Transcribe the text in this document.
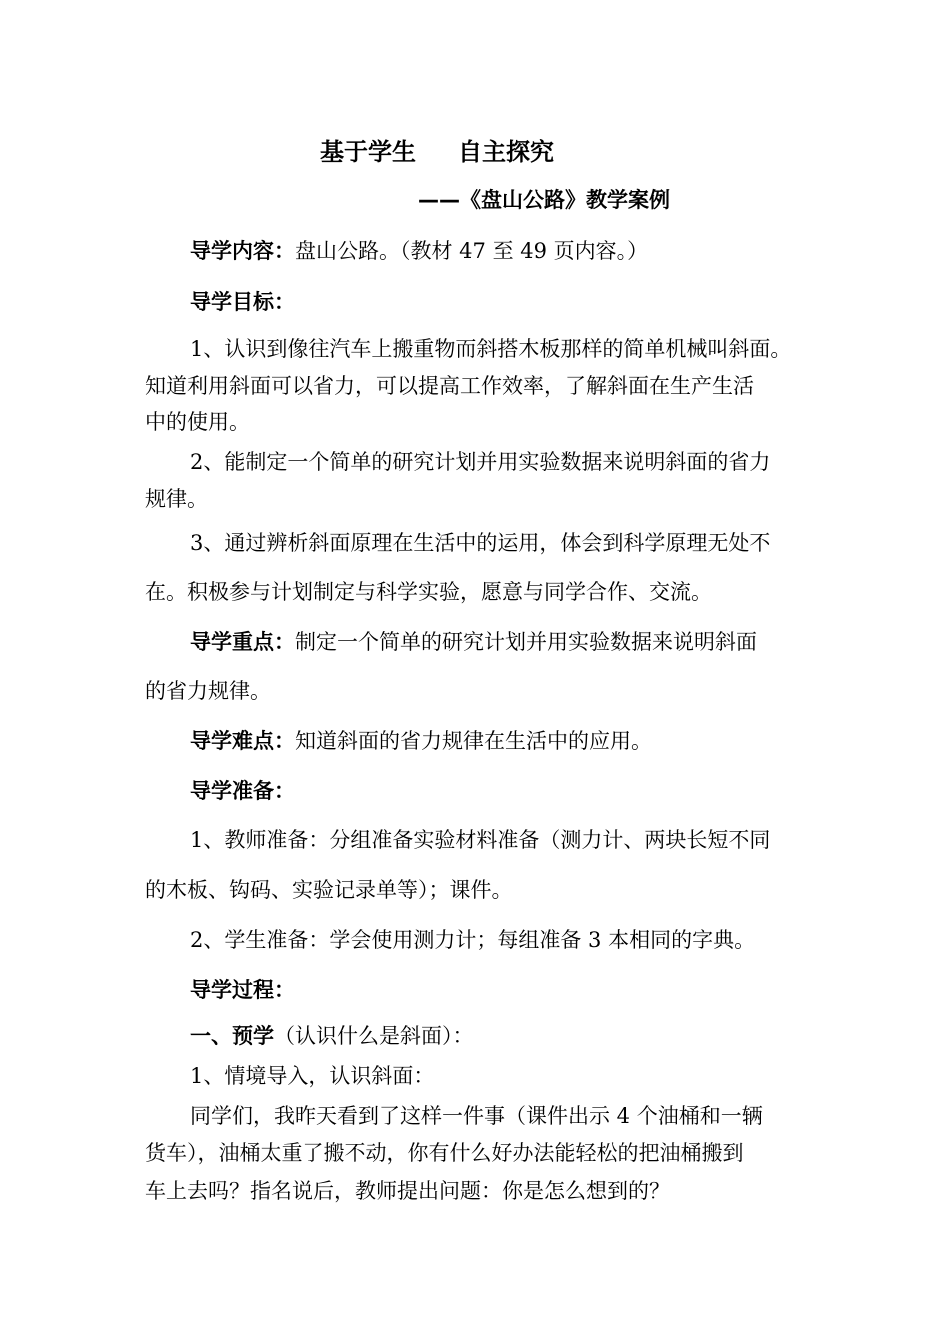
基于学生 自主探究
——《盘山公路》教学案例
导学内容：盘山公路。（教材 47 至 49 页内容。）
导学目标：
1、认识到像往汽车上搬重物而斜搭木板那样的简单机械叫斜面。
知道利用斜面可以省力，可以提高工作效率，了解斜面在生产生活
中的使用。
2、能制定一个简单的研究计划并用实验数据来说明斜面的省力
规律。
3、通过辨析斜面原理在生活中的运用，体会到科学原理无处不
在。积极参与计划制定与科学实验，愿意与同学合作、交流。
导学重点：制定一个简单的研究计划并用实验数据来说明斜面
的省力规律。
导学难点：知道斜面的省力规律在生活中的应用。
导学准备：
1、教师准备：分组准备实验材料准备（测力计、两块长短不同
的木板、钩码、实验记录单等）；课件。
2、学生准备：学会使用测力计；每组准备 3 本相同的字典。
导学过程：
一、预学（认识什么是斜面）：
1、情境导入，认识斜面：
同学们，我昨天看到了这样一件事（课件出示 4 个油桶和一辆
货车），油桶太重了搬不动，你有什么好办法能轻松的把油桶搬到
车上去吗？指名说后，教师提出问题：你是怎么想到的？
